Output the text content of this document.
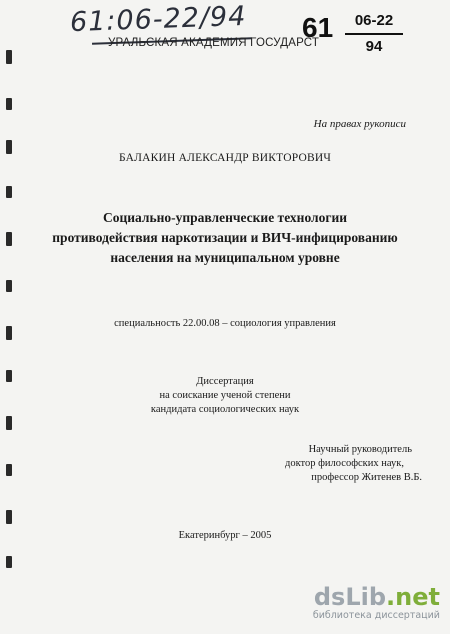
61:06-22/94
УРАЛЬСКАЯ АКАДЕМИЯ ГОСУДАРСТ
61	06-22
94
На правах рукописи
БАЛАКИН АЛЕКСАНДР ВИКТОРОВИЧ
Социально-управленческие технологии
противодействия наркотизации и ВИЧ-инфицированию
населения на муниципальном уровне
специальность 22.00.08 – социология управления
Диссертация
на соискание ученой степени
кандидата социологических наук
Научный руководитель
доктор философских наук,
профессор Житенев В.Б.
Екатеринбург – 2005
dsLib.net
библиотека диссертаций
